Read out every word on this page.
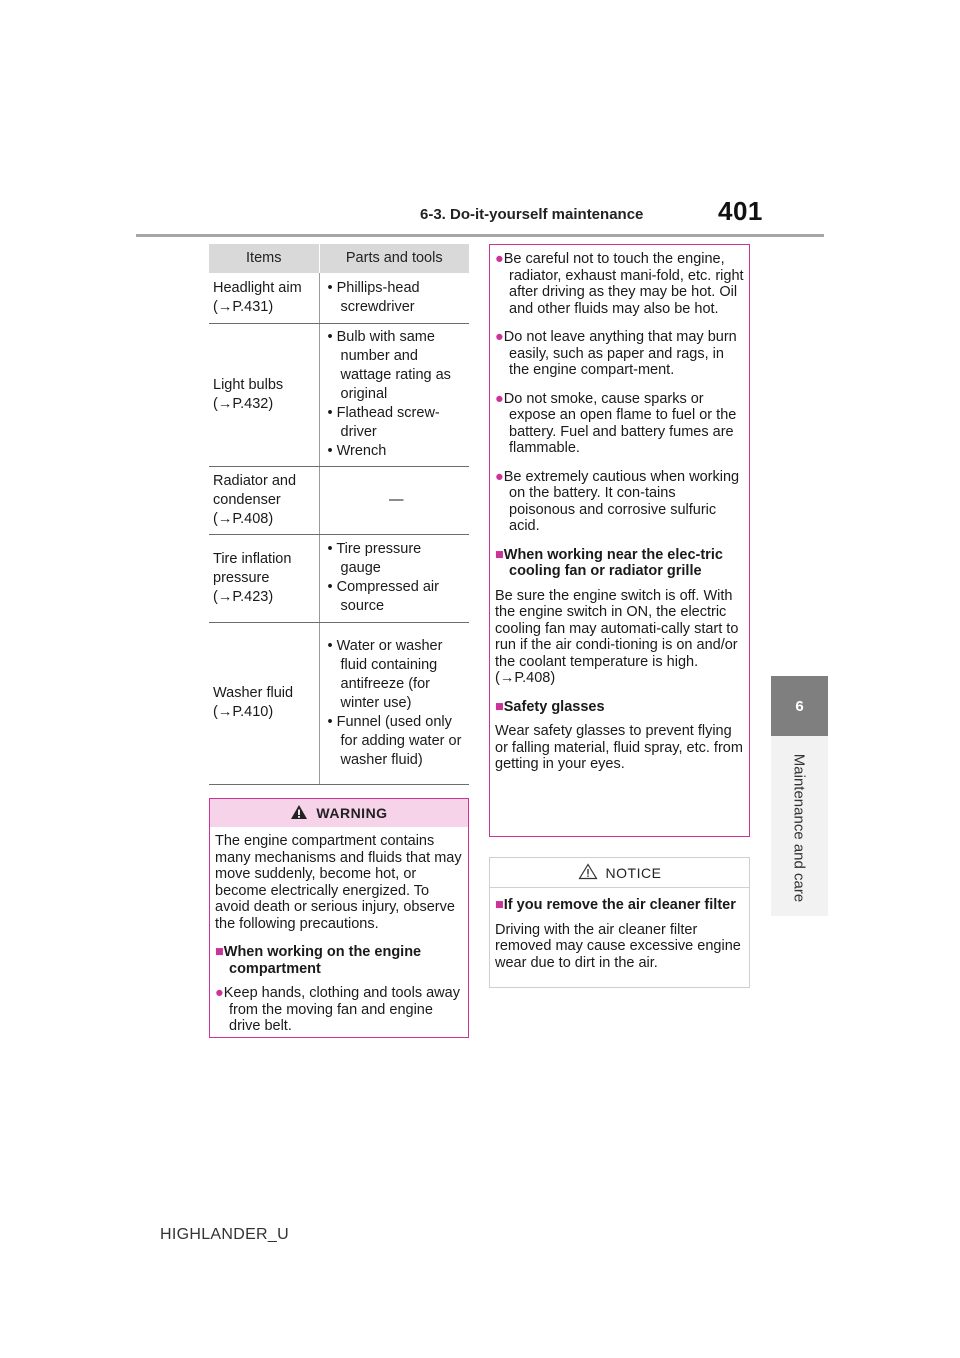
6-3. Do-it-yourself maintenance	401
6
Maintenance and care
Items	Parts and tools

Headlight aim
(→P.431)	• Phillips-head screwdriver

Light bulbs
(→P.432)	• Bulb with same number and wattage rating as original
• Flathead screw-driver
• Wrench

Radiator and
condenser
(→P.408)	—

Tire inflation
pressure
(→P.423)	• Tire pressure gauge
• Compressed air source

Washer fluid
(→P.410)	• Water or washer fluid containing antifreeze (for winter use)
• Funnel (used only for adding water or washer fluid)
WARNING
The engine compartment contains many mechanisms and fluids that may move suddenly, become hot, or become electrically energized. To avoid death or serious injury, observe the following precautions.
■When working on the engine compartment
●Keep hands, clothing and tools away from the moving fan and engine drive belt.
●Be careful not to touch the engine, radiator, exhaust mani-fold, etc. right after driving as they may be hot. Oil and other fluids may also be hot.
●Do not leave anything that may burn easily, such as paper and rags, in the engine compart-ment.
●Do not smoke, cause sparks or expose an open flame to fuel or the battery. Fuel and battery fumes are flammable.
●Be extremely cautious when working on the battery. It con-tains poisonous and corrosive sulfuric acid.
■When working near the elec-tric cooling fan or radiator grille
Be sure the engine switch is off. With the engine switch in ON, the electric cooling fan may automati-cally start to run if the air condi-tioning is on and/or the coolant temperature is high. (→P.408)
■Safety glasses
Wear safety glasses to prevent flying or falling material, fluid spray, etc. from getting in your eyes.
NOTICE
■If you remove the air cleaner filter
Driving with the air cleaner filter removed may cause excessive engine wear due to dirt in the air.
HIGHLANDER_U
